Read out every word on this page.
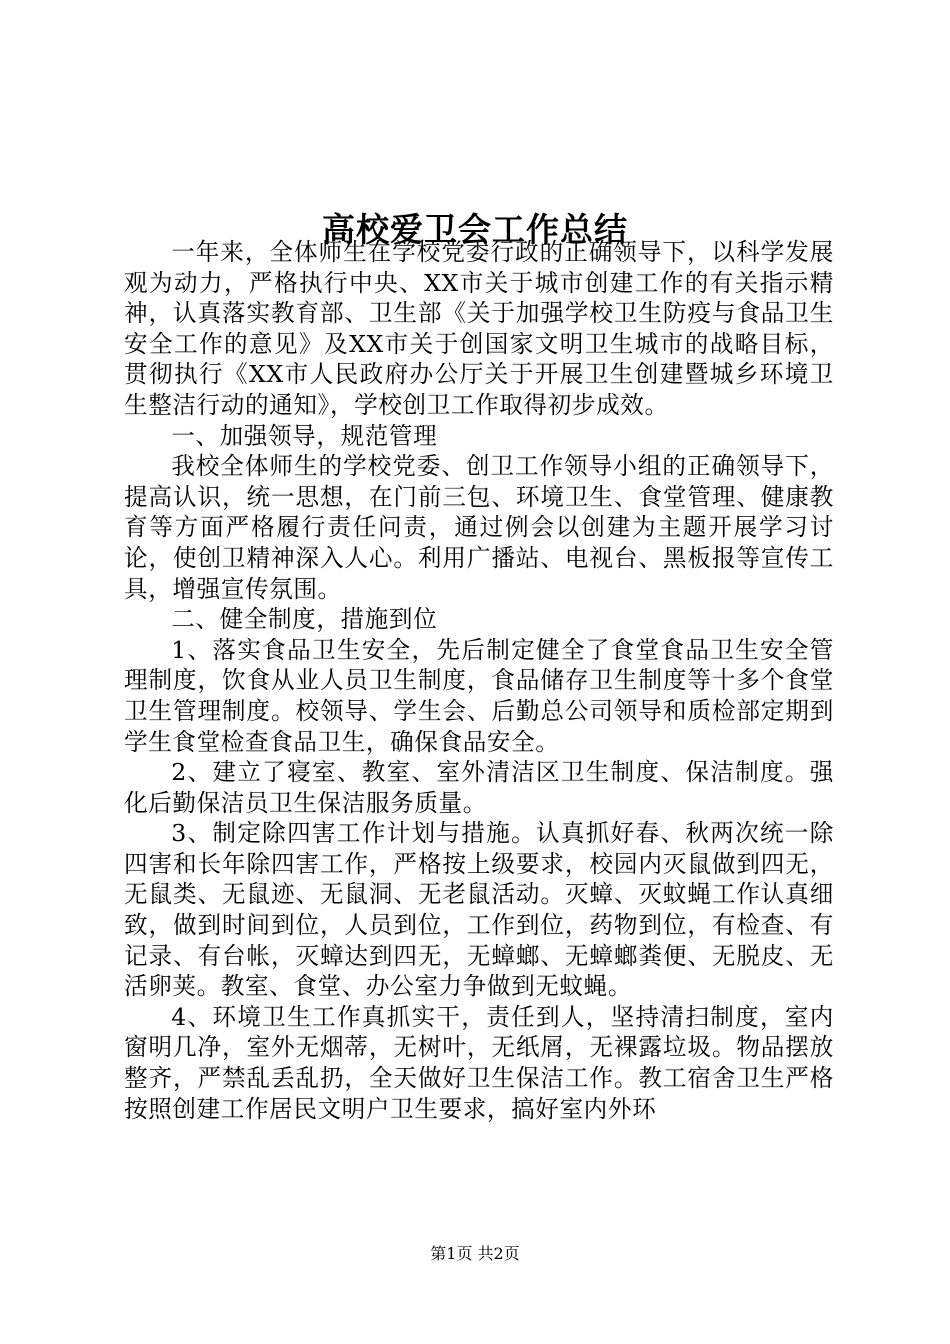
高校爱卫会工作总结

一年来，全体师生在学校党委行政的正确领导下，以科学发展观为动力，严格执行中央、XX市关于城市创建工作的有关指示精神，认真落实教育部、卫生部《关于加强学校卫生防疫与食品卫生安全工作的意见》及XX市关于创国家文明卫生城市的战略目标，贯彻执行《XX市人民政府办公厅关于开展卫生创建暨城乡环境卫生整洁行动的通知》，学校创卫工作取得初步成效。

一、加强领导，规范管理

我校全体师生的学校党委、创卫工作领导小组的正确领导下，提高认识，统一思想，在门前三包、环境卫生、食堂管理、健康教育等方面严格履行责任问责，通过例会以创建为主题开展学习讨论，使创卫精神深入人心。利用广播站、电视台、黑板报等宣传工具，增强宣传氛围。

二、健全制度，措施到位

1、落实食品卫生安全，先后制定健全了食堂食品卫生安全管理制度，饮食从业人员卫生制度，食品储存卫生制度等十多个食堂卫生管理制度。校领导、学生会、后勤总公司领导和质检部定期到学生食堂检查食品卫生，确保食品安全。

2、建立了寝室、教室、室外清洁区卫生制度、保洁制度。强化后勤保洁员卫生保洁服务质量。

3、制定除四害工作计划与措施。认真抓好春、秋两次统一除四害和长年除四害工作，严格按上级要求，校园内灭鼠做到四无，无鼠类、无鼠迹、无鼠洞、无老鼠活动。灭蟑、灭蚊蝇工作认真细致，做到时间到位，人员到位，工作到位，药物到位，有检查、有记录、有台帐，灭蟑达到四无，无蟑螂、无蟑螂粪便、无脱皮、无活卵荚。教室、食堂、办公室力争做到无蚊蝇。

4、环境卫生工作真抓实干，责任到人，坚持清扫制度，室内窗明几净，室外无烟蒂，无树叶，无纸屑，无裸露垃圾。物品摆放整齐，严禁乱丢乱扔，全天做好卫生保洁工作。教工宿舍卫生严格按照创建工作居民文明户卫生要求，搞好室内外环

第1页 共2页
